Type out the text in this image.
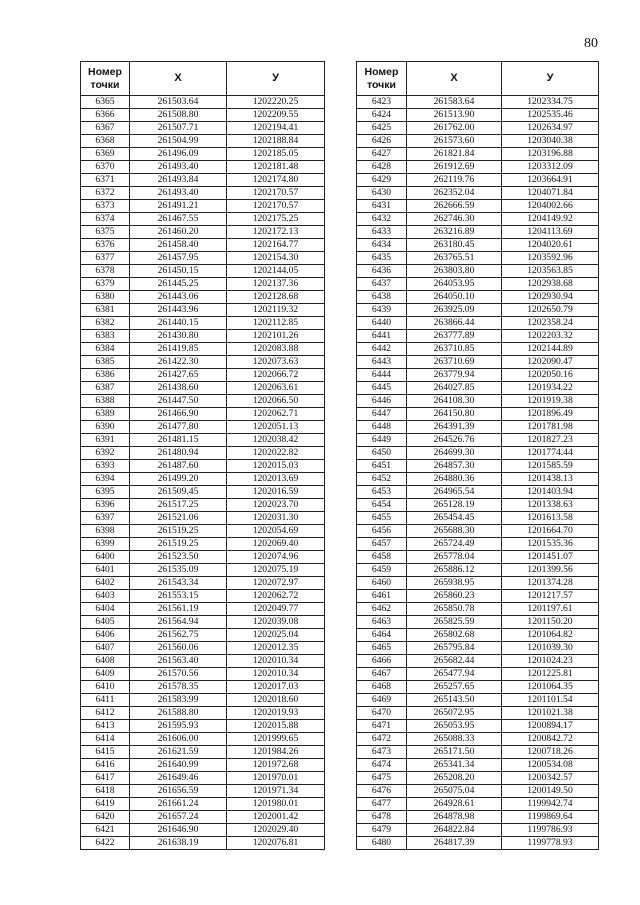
80
Номер
точки	X	У
6365	261503.64	1202220.25
6366	261508.80	1202209.55
6367	261507.71	1202194.41
6368	261504.99	1202188.84
6369	261496.09	1202185.05
6370	261493.40	1202181.48
6371	261493.84	1202174.80
6372	261493.40	1202170.57
6373	261491.21	1202170.57
6374	261467.55	1202175.25
6375	261460.20	1202172.13
6376	261458.40	1202164.77
6377	261457.95	1202154.30
6378	261450.15	1202144.05
6379	261445.25	1202137.36
6380	261443.06	1202128.68
6381	261443.96	1202119.32
6382	261440.15	1202112.85
6383	261430.80	1202101.26
6384	261419.85	1202083.88
6385	261422.30	1202073.63
6386	261427.65	1202066.72
6387	261438.60	1202063.61
6388	261447.50	1202066.50
6389	261466.90	1202062.71
6390	261477.80	1202051.13
6391	261481.15	1202038.42
6392	261480.94	1202022.82
6393	261487.60	1202015.03
6394	261499.20	1202013.69
6395	261509.45	1202016.59
6396	261517.25	1202023.70
6397	261521.06	1202031.30
6398	261519.25	1202054.69
6399	261519.25	1202069.40
6400	261523.50	1202074.96
6401	261535.09	1202075.19
6402	261543.34	1202072.97
6403	261553.15	1202062.72
6404	261561.19	1202049.77
6405	261564.94	1202039.08
6406	261562.75	1202025.04
6407	261560.06	1202012.35
6408	261563.40	1202010.34
6409	261570.56	1202010.34
6410	261578.35	1202017.03
6411	261583.99	1202018.60
6412	261588.80	1202019.93
6413	261595.93	1202015.88
6414	261606.00	1201999.65
6415	261621.59	1201984.26
6416	261640.99	1201972.68
6417	261649.46	1201970.01
6418	261656.59	1201971.34
6419	261661.24	1201980.01
6420	261657.24	1202001.42
6421	261646.90	1202029.40
6422	261638.19	1202076.81
Номер
точки	X	У
6423	261583.64	1202334.75
6424	261513.90	1202535.46
6425	261762.00	1202634.97
6426	261573.60	1203040.38
6427	261821.84	1203196.88
6428	261912.69	1203312.09
6429	262119.76	1203664.91
6430	262352.04	1204071.84
6431	262666.59	1204002.66
6432	262746.30	1204149.92
6433	263216.89	1204113.69
6434	263180.45	1204020.61
6435	263765.51	1203592.96
6436	263803.80	1203563.85
6437	264053.95	1202938.68
6438	264050.10	1202930.94
6439	263925.09	1202650.79
6440	263866.44	1202358.24
6441	263777.89	1202203.32
6442	263710.85	1202144.89
6443	263710.69	1202090.47
6444	263779.94	1202050.16
6445	264027.85	1201934.22
6446	264108.30	1201919.38
6447	264150.80	1201896.49
6448	264391.39	1201781.98
6449	264526.76	1201827.23
6450	264699.30	1201774.44
6451	264857.30	1201585.59
6452	264880.36	1201438.13
6453	264965.54	1201403.94
6454	265128.19	1201338.63
6455	265454.45	1201613.58
6456	265688.30	1201664.70
6457	265724.49	1201535.36
6458	265778.04	1201451.07
6459	265886.12	1201399.56
6460	265938.95	1201374.28
6461	265860.23	1201217.57
6462	265850.78	1201197.61
6463	265825.59	1201150.20
6464	265802.68	1201064.82
6465	265795.84	1201039.30
6466	265682.44	1201024.23
6467	265477.94	1201225.81
6468	265257.65	1201064.35
6469	265143.50	1201101.54
6470	265072.95	1201021.38
6471	265053.95	1200894.17
6472	265088.33	1200842.72
6473	265171.50	1200718.26
6474	265341.34	1200534.08
6475	265208.20	1200342.57
6476	265075.04	1200149.50
6477	264928.61	1199942.74
6478	264878.98	1199869.64
6479	264822.84	1199786.93
6480	264817.39	1199778.93
